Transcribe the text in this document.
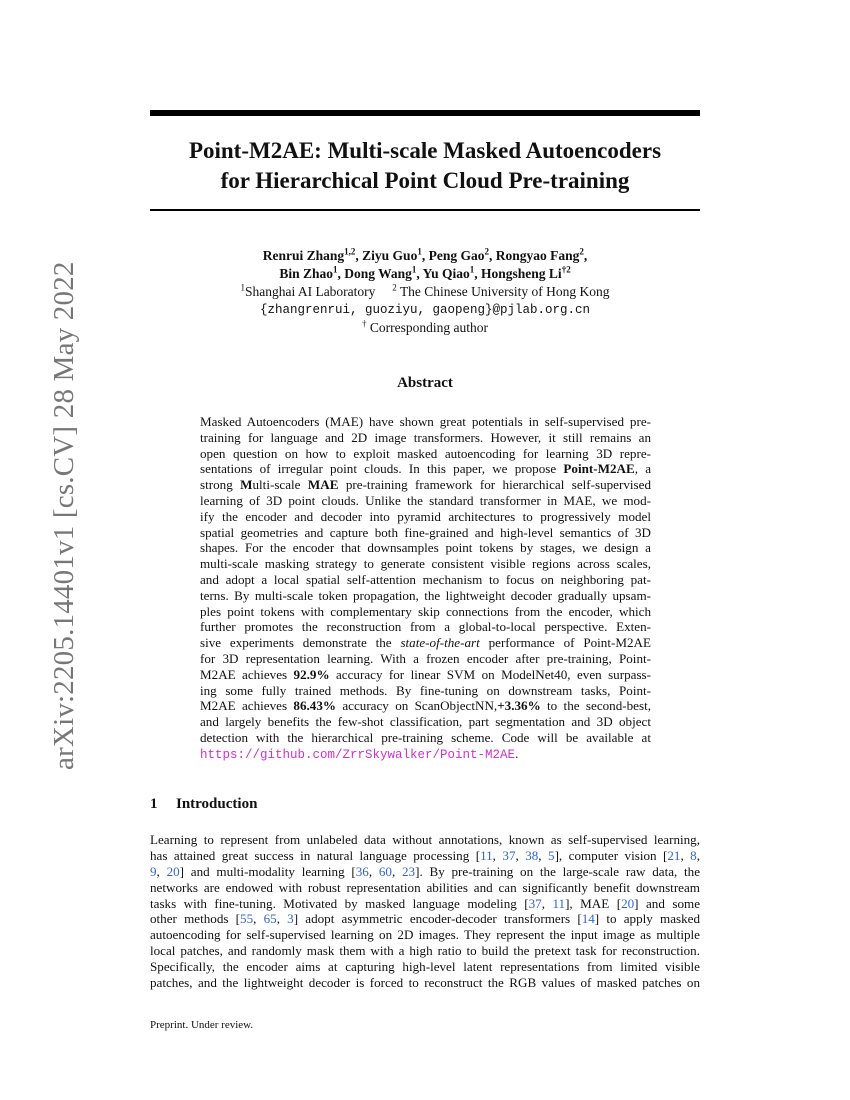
arXiv:2205.14401v1 [cs.CV] 28 May 2022
Point-M2AE: Multi-scale Masked Autoencoders
for Hierarchical Point Cloud Pre-training
Renrui Zhang$^{1,2}$, Ziyu Guo$^1$, Peng Gao$^2$, Rongyao Fang$^2$,
Bin Zhao$^1$, Dong Wang$^1$, Yu Qiao$^1$, Hongsheng Li$^{\dagger 2}$
$^1$Shanghai AI Laboratory $^2$ The Chinese University of Hong Kong
{zhangrenrui, guoziyu, gaopeng}@pjlab.org.cn
† Corresponding author
Abstract
Masked Autoencoders (MAE) have shown great potentials in self-supervised pre-
training for language and 2D image transformers. However, it still remains an
open question on how to exploit masked autoencoding for learning 3D repre-
sentations of irregular point clouds. In this paper, we propose Point-M2AE, a
strong Multi-scale MAE pre-training framework for hierarchical self-supervised
learning of 3D point clouds. Unlike the standard transformer in MAE, we mod-
ify the encoder and decoder into pyramid architectures to progressively model
spatial geometries and capture both fine-grained and high-level semantics of 3D
shapes. For the encoder that downsamples point tokens by stages, we design a
multi-scale masking strategy to generate consistent visible regions across scales,
and adopt a local spatial self-attention mechanism to focus on neighboring pat-
terns. By multi-scale token propagation, the lightweight decoder gradually upsam-
ples point tokens with complementary skip connections from the encoder, which
further promotes the reconstruction from a global-to-local perspective. Exten-
sive experiments demonstrate the state-of-the-art performance of Point-M2AE
for 3D representation learning. With a frozen encoder after pre-training, Point-
M2AE achieves 92.9% accuracy for linear SVM on ModelNet40, even surpass-
ing some fully trained methods. By fine-tuning on downstream tasks, Point-
M2AE achieves 86.43% accuracy on ScanObjectNN,+3.36% to the second-best,
and largely benefits the few-shot classification, part segmentation and 3D object
detection with the hierarchical pre-training scheme. Code will be available at
https://github.com/ZrrSkywalker/Point-M2AE.
1 Introduction
Learning to represent from unlabeled data without annotations, known as self-supervised learning,
has attained great success in natural language processing [11, 37, 38, 5], computer vision [21, 8,
9, 20] and multi-modality learning [36, 60, 23]. By pre-training on the large-scale raw data, the
networks are endowed with robust representation abilities and can significantly benefit downstream
tasks with fine-tuning. Motivated by masked language modeling [37, 11], MAE [20] and some
other methods [55, 65, 3] adopt asymmetric encoder-decoder transformers [14] to apply masked
autoencoding for self-supervised learning on 2D images. They represent the input image as multiple
local patches, and randomly mask them with a high ratio to build the pretext task for reconstruction.
Specifically, the encoder aims at capturing high-level latent representations from limited visible
patches, and the lightweight decoder is forced to reconstruct the RGB values of masked patches on
Preprint. Under review.
